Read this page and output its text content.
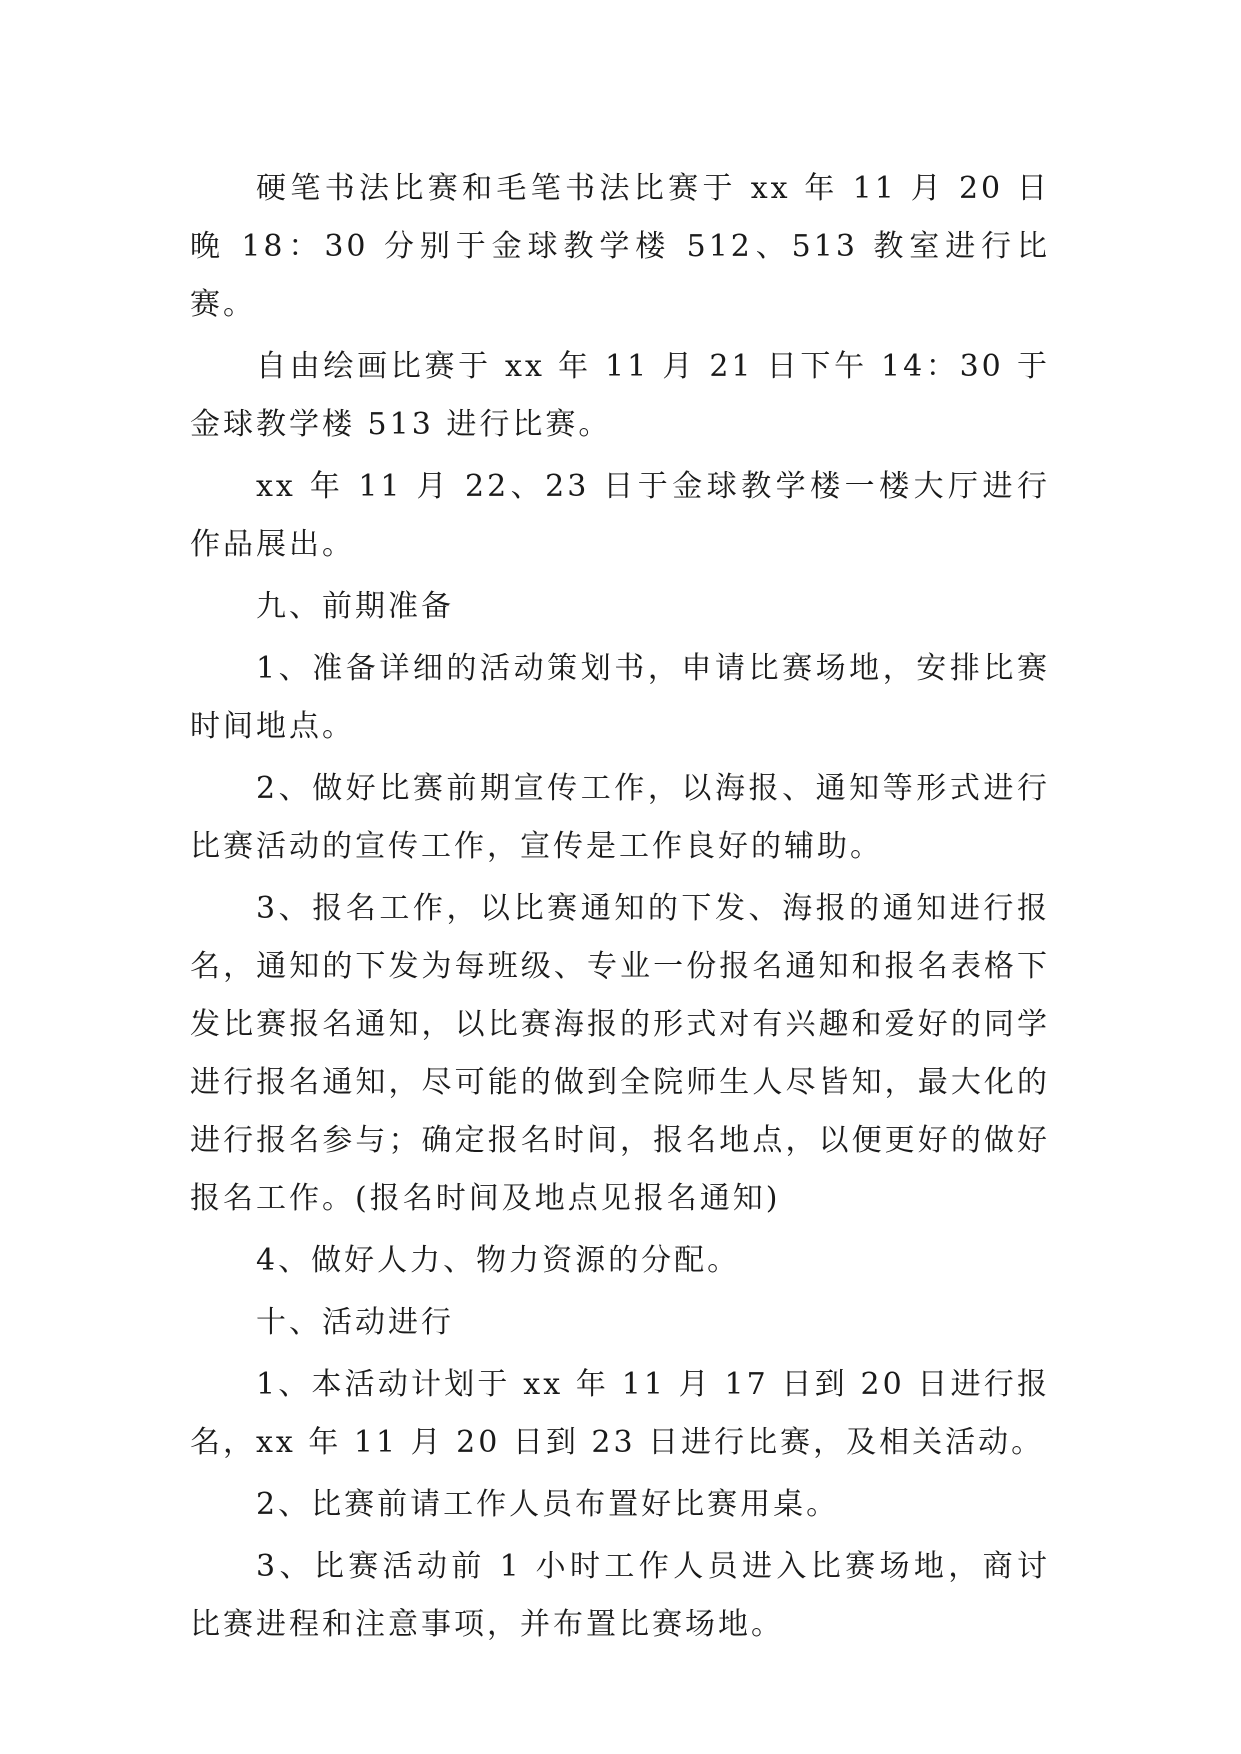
硬笔书法比赛和毛笔书法比赛于 xx 年 11 月 20 日晚 18：30 分别于金球教学楼 512、513 教室进行比赛。

自由绘画比赛于 xx 年 11 月 21 日下午 14：30 于金球教学楼 513 进行比赛。

xx 年 11 月 22、23 日于金球教学楼一楼大厅进行作品展出。

九、前期准备

1、准备详细的活动策划书，申请比赛场地，安排比赛时间地点。

2、做好比赛前期宣传工作，以海报、通知等形式进行比赛活动的宣传工作，宣传是工作良好的辅助。

3、报名工作，以比赛通知的下发、海报的通知进行报名，通知的下发为每班级、专业一份报名通知和报名表格下发比赛报名通知，以比赛海报的形式对有兴趣和爱好的同学进行报名通知，尽可能的做到全院师生人尽皆知，最大化的进行报名参与；确定报名时间，报名地点，以便更好的做好报名工作。(报名时间及地点见报名通知)

4、做好人力、物力资源的分配。

十、活动进行

1、本活动计划于 xx 年 11 月 17 日到 20 日进行报名，xx 年 11 月 20 日到 23 日进行比赛，及相关活动。

2、比赛前请工作人员布置好比赛用桌。

3、比赛活动前 1 小时工作人员进入比赛场地，商讨比赛进程和注意事项，并布置比赛场地。
